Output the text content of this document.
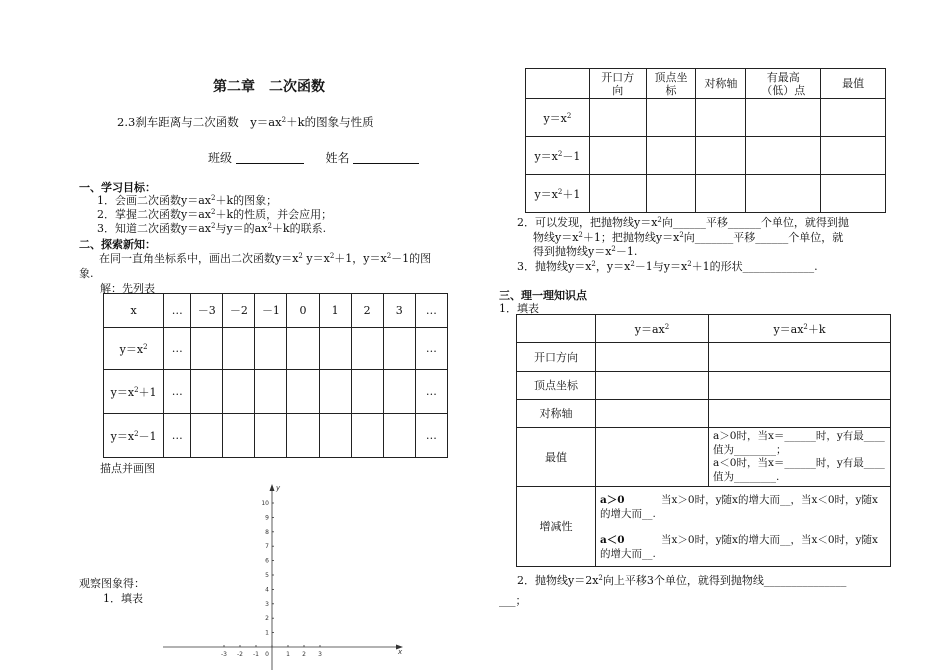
第二章　二次函数
2.3刹车距离与二次函数　$y=ax^2+k$的图象与性质
班级	姓名
一、学习目标：
1．会画二次函数$y=ax^2+k$的图象；
2．掌握二次函数$y=ax^2+k$的性质，并会应用；
3．知道二次函数$y=ax^2$与y＝的$ax^2+k$的联系.
二、探索新知：
在同一直角坐标系中，画出二次函数$y=x^2$ $y=x^2+1$，$y=x^2-1$的图
象.
解：先列表
x	…	－3	－2	－1	0	1	2	3	…
$y=x^2$	…								…
$y=x^2+1$	…								…
$y=x^2-1$	…								…
描点并画图
x
y
-3 -2 -1 0	1 2 3
1
2
3
4
5
6
7
8
9
10
观察图象得：
1．填表

	开口方向	顶点坐标	对称轴	有最高（低）点	最值
$y=x^2$					
$y=x^2-1$					
$y=x^2+1$					
2．可以发现，把抛物线$y=x^2$向______平移______个单位，就得到抛
物线$y=x^2+1$；把抛物线$y=x^2$向_______平移______个单位，就
得到抛物线$y=x^2-1$.
3．抛物线$y=x^2$，$y=x^2-1$与$y=x^2+1$的形状_____________.
三、理一理知识点
1．填表
	$y=ax^2$	$y=ax^2+k$
开口方向		
顶点坐标		
对称轴		
最值		a＞0时，当x＝______时，y有最____值为________；
a＜0时，当x＝______时，y有最____值为________.

增减性	a＞0 当x＞0时，y随x的增大而__，当x＜0时，y随x的增大而__.
a＜0 当x＞0时，y随x的增大而__，当x＜0时，y随x的增大而__.	
2．抛物线$y=2x^2$向上平移3个单位，就得到抛物线_______________
___；
